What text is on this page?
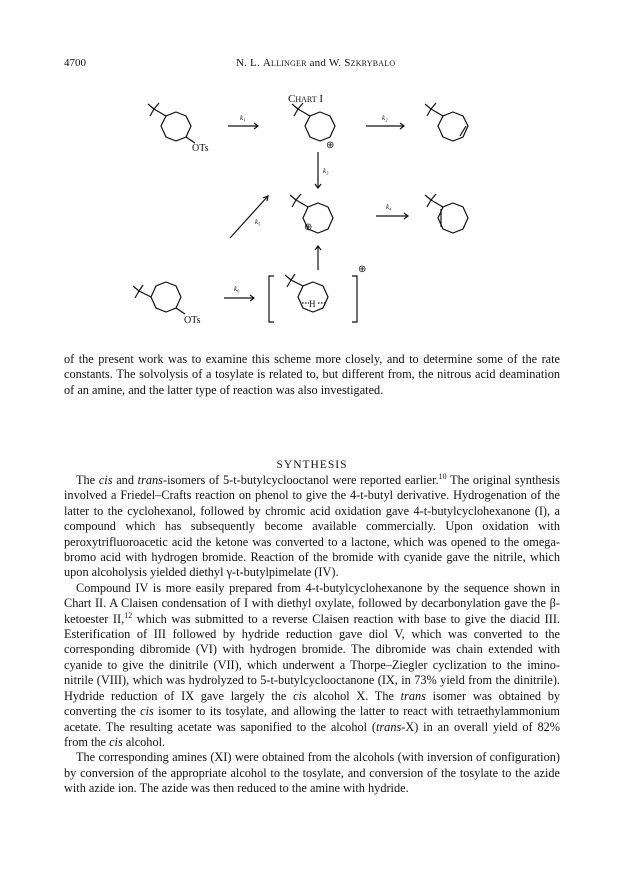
4700	N. L. Allinger and W. Szkrybalo
Chart I
OTs
OTs
⊕
⊕
⊕
H
k₁	k₂
k₃
k₄
k₅
k₆

of the present work was to examine this scheme more closely, and to determine some of the rate constants. The solvolysis of a tosylate is related to, but different from, the nitrous acid deamination of an amine, and the latter type of reaction was also investigated.

SYNTHESIS

The cis and trans-isomers of 5-t-butylcyclooctanol were reported earlier.$^{10}$ The original synthesis involved a Friedel–Crafts reaction on phenol to give the 4-t-butyl derivative. Hydrogenation of the latter to the cyclohexanol, followed by chromic acid oxidation gave 4-t-butylcyclohexanone (I), a compound which has subsequently become available commercially. Upon oxidation with peroxytrifluoroacetic acid the ketone was converted to a lactone, which was opened to the omega-bromo acid with hydrogen bromide. Reaction of the bromide with cyanide gave the nitrile, which upon alcoholysis yielded diethyl γ-t-butylpimelate (IV).

Compound IV is more easily prepared from 4-t-butylcyclohexanone by the sequence shown in Chart II. A Claisen condensation of I with diethyl oxylate, followed by decarbonylation gave the β-ketoester II,$^{12}$ which was submitted to a reverse Claisen reaction with base to give the diacid III. Esterification of III followed by hydride reduction gave diol V, which was converted to the corresponding dibromide (VI) with hydrogen bromide. The dibromide was chain extended with cyanide to give the dinitrile (VII), which underwent a Thorpe–Ziegler cyclization to the imino-nitrile (VIII), which was hydrolyzed to 5-t-butylcyclooctanone (IX, in 73% yield from the dinitrile). Hydride reduction of IX gave largely the cis alcohol X. The trans isomer was obtained by converting the cis isomer to its tosylate, and allowing the latter to react with tetraethylammonium acetate. The resulting acetate was saponified to the alcohol (trans-X) in an overall yield of 82% from the cis alcohol.

The corresponding amines (XI) were obtained from the alcohols (with inversion of configuration) by conversion of the appropriate alcohol to the tosylate, and conversion of the tosylate to the azide with azide ion. The azide was then reduced to the amine with hydride.
